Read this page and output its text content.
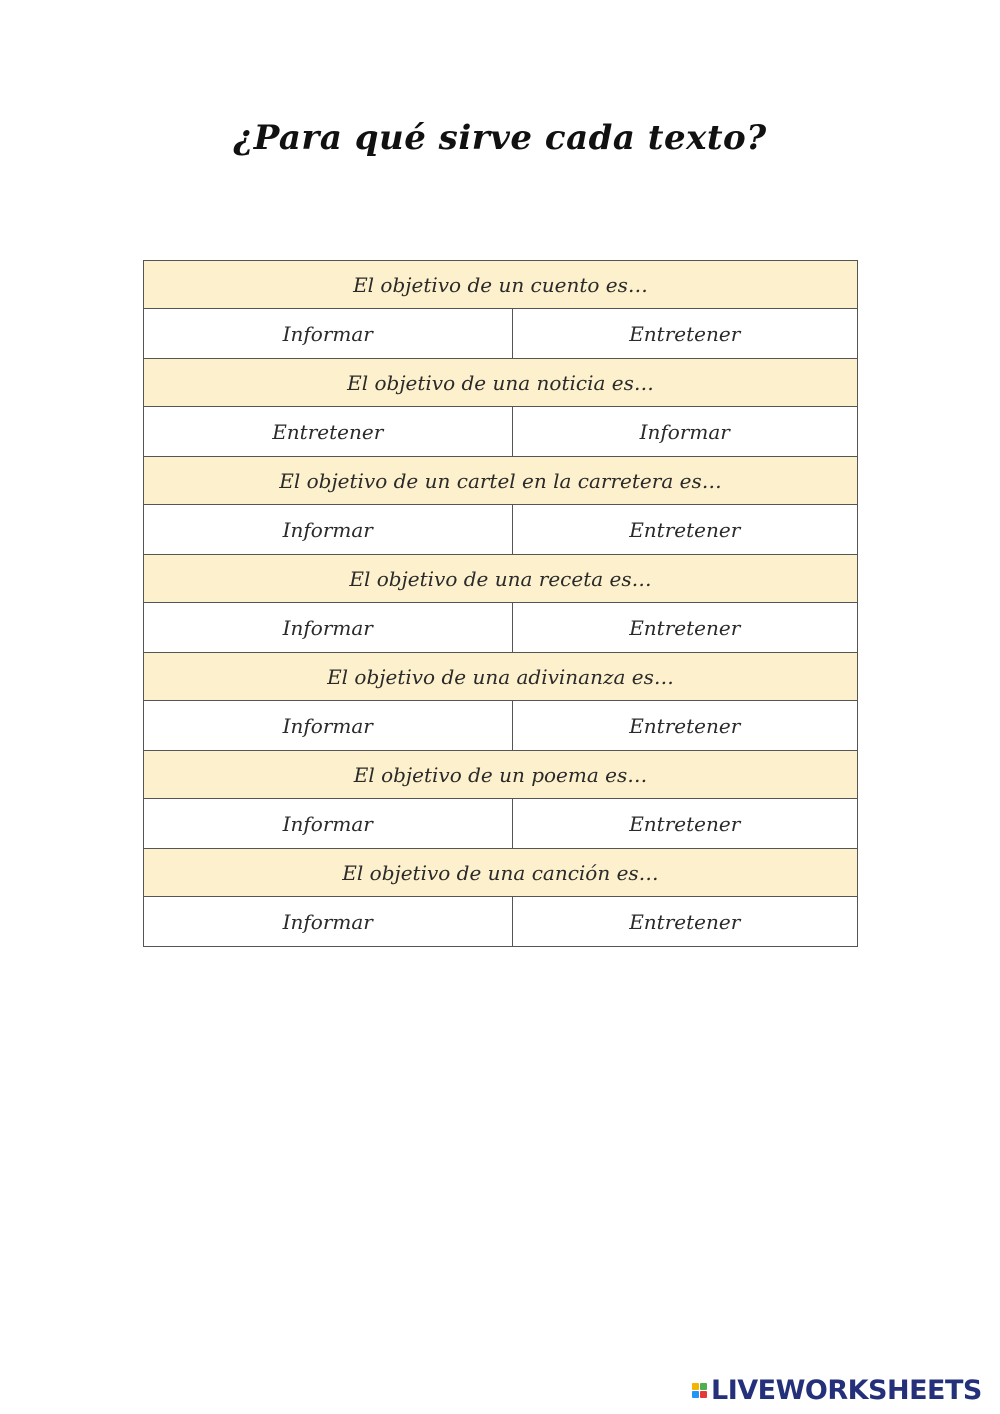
¿Para qué sirve cada texto?
El objetivo de un cuento es…	
Informar	Entretener
El objetivo de una noticia es…	
Entretener	Informar
El objetivo de un cartel en la carretera es…	
Informar	Entretener
El objetivo de una receta es…	
Informar	Entretener
El objetivo de una adivinanza es…	
Informar	Entretener
El objetivo de un poema es…	
Informar	Entretener
El objetivo de una canción es…	
Informar	Entretener
LIVEWORKSHEETS
